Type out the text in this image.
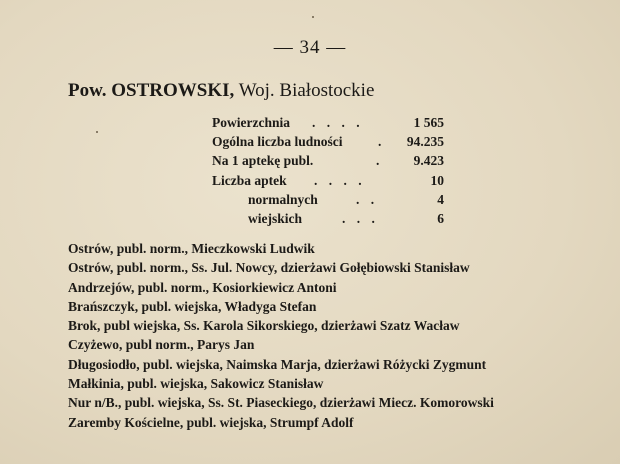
— 34 —
Pow. OSTROWSKI, Woj. Białostockie
Powierzchnia . . . .	1 565
Ogólna liczba ludności	. 94.235
Na 1 aptekę publ.	. 9.423
Liczba aptek . . . .	10
normalnych	. .	4
wiejskich	. . .	6
Ostrów, publ. norm., Mieczkowski Ludwik
Ostrów, publ. norm., Ss. Jul. Nowcy, dzierżawi Gołębiowski Stanisław
Andrzejów, publ. norm., Kosiorkiewicz Antoni
Brańszczyk, publ. wiejska, Władyga Stefan
Brok, publ wiejska, Ss. Karola Sikorskiego, dzierżawi Szatz Wacław
Czyżewo, publ norm., Parys Jan
Długosiodło, publ. wiejska, Naimska Marja, dzierżawi Różycki Zygmunt
Małkinia, publ. wiejska, Sakowicz Stanisław
Nur n/B., publ. wiejska, Ss. St. Piaseckiego, dzierżawi Miecz. Komorowski
Zaremby Kościelne, publ. wiejska, Strumpf Adolf
